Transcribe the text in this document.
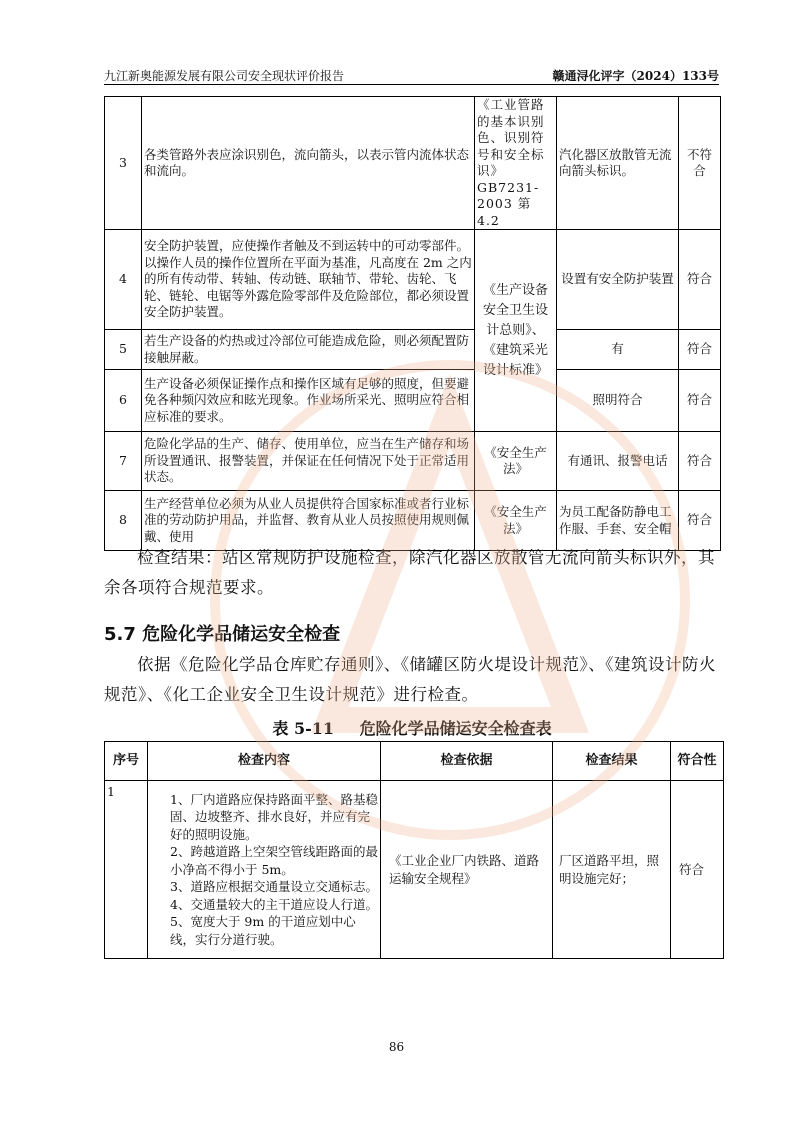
九江新奥能源发展有限公司安全现状评价报告	赣通浔化评字（2024）133号
3	各类管路外表应涂识别色，流向箭头，以表示管内流体状态和流向。	《工业管路的基本识别色、识别符号和安全标识》GB7231-2003 第 4.2	汽化器区放散管无流向箭头标识。	不符合
4	安全防护装置，应使操作者触及不到运转中的可动零部件。 以操作人员的操作位置所在平面为基准，凡高度在 2m 之内的所有传动带、转轴、传动链、联轴节、带轮、齿轮、飞轮、链轮、电锯等外露危险零部件及危险部位，都必须设置安全防护装置。	《生产设备安全卫生设计总则》、《建筑采光设计标准》	设置有安全防护装置	符合
5	若生产设备的灼热或过冷部位可能造成危险，则必须配置防接触屏蔽。		有	符合
6	生产设备必须保证操作点和操作区域有足够的照度，但要避免各种频闪效应和眩光现象。作业场所采光、照明应符合相应标准的要求。		照明符合	符合
7	危险化学品的生产、储存、使用单位，应当在生产储存和场所设置通讯、报警装置，并保证在任何情况下处于正常适用状态。	《安全生产法》	有通讯、报警电话	符合
8	生产经营单位必须为从业人员提供符合国家标准或者行业标准的劳动防护用品，并监督、教育从业人员按照使用规则佩戴、使用	《安全生产法》	为员工配备防静电工作服、手套、安全帽	符合
检查结果：站区常规防护设施检查，除汽化器区放散管无流向箭头标识外，其余各项符合规范要求。
5.7 危险化学品储运安全检查
依据《危险化学品仓库贮存通则》、《储罐区防火堤设计规范》、《建筑设计防火规范》、《化工企业安全卫生设计规范》进行检查。
表 5-11 危险化学品储运安全检查表
序号	检查内容	检查依据	检查结果	符合性
1	1、厂内道路应保持路面平整、路基稳固、边坡整齐、排水良好，并应有完好的照明设施。
2、跨越道路上空架空管线距路面的最小净高不得小于 5m。
3、道路应根据交通量设立交通标志。
4、交通量较大的主干道应设人行道。
5、宽度大于 9m 的干道应划中心线，实行分道行驶。	《工业企业厂内铁路、道路运输安全规程》	厂区道路平坦，照明设施完好；	符合
86
